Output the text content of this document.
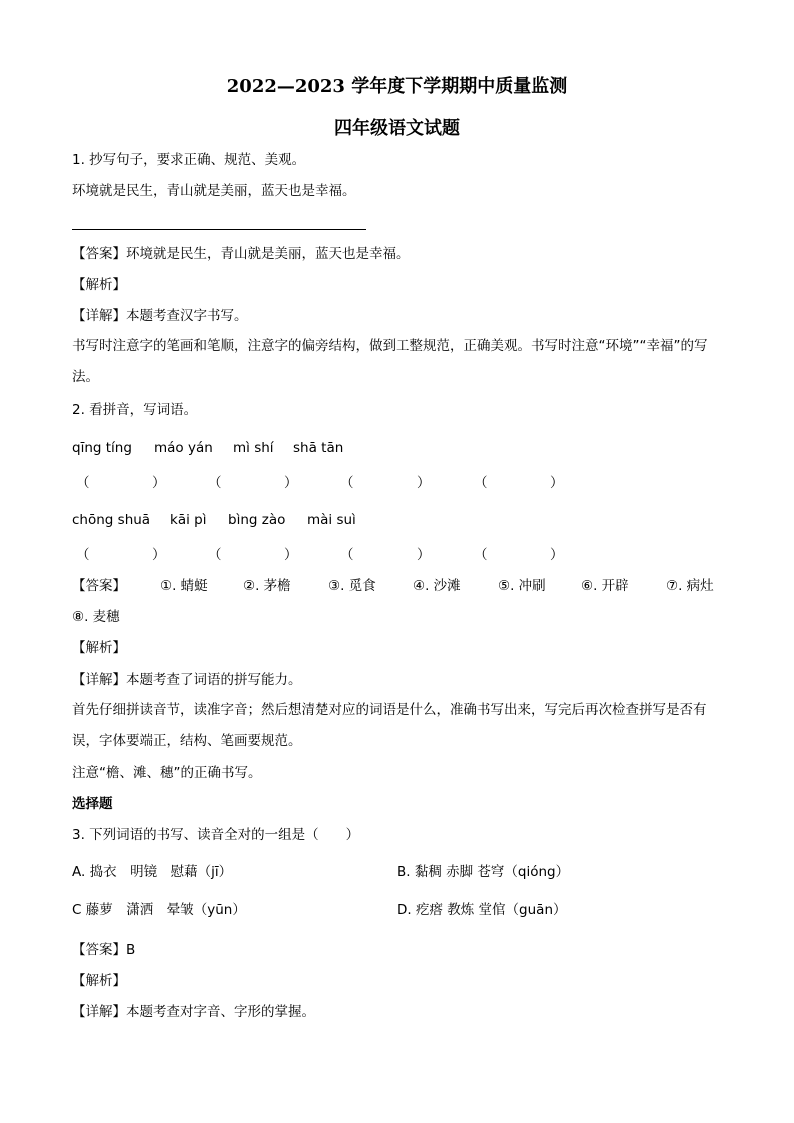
2022—2023 学年度下学期期中质量监测
四年级语文试题
1. 抄写句子，要求正确、规范、美观。
环境就是民生，青山就是美丽，蓝天也是幸福。
【答案】环境就是民生，青山就是美丽，蓝天也是幸福。
【解析】
【详解】本题考查汉字书写。
书写时注意字的笔画和笔顺，注意字的偏旁结构，做到工整规范，正确美观。书写时注意“环境”“幸福”的写法。
2. 看拼音，写词语。
qīng tíng máo yán mì shí shā tān
（	）	（	）	（	）	（	）
chōng shuā kāi pì bìng zào mài suì
（	）	（	）	（	）	（	）
【答案】	①. 蜻蜓	②. 茅檐	③. 觅食	④. 沙滩	⑤. 冲刷	⑥. 开辟	⑦. 病灶
⑧. 麦穗
【解析】
【详解】本题考查了词语的拼写能力。
首先仔细拼读音节，读准字音；然后想清楚对应的词语是什么，准确书写出来，写完后再次检查拼写是否有误，字体要端正，结构、笔画要规范。
注意“檐、滩、穗”的正确书写。
选择题
3. 下列词语的书写、读音全对的一组是（　　）
A. 捣衣　明镜　慰藉（jī）	B. 黏稠 赤脚 苍穹（qióng）
C 藤萝　潇洒　晕皱（yūn）	D. 疙瘩 教炼 堂倌（guān）
【答案】B
【解析】
【详解】本题考查对字音、字形的掌握。
